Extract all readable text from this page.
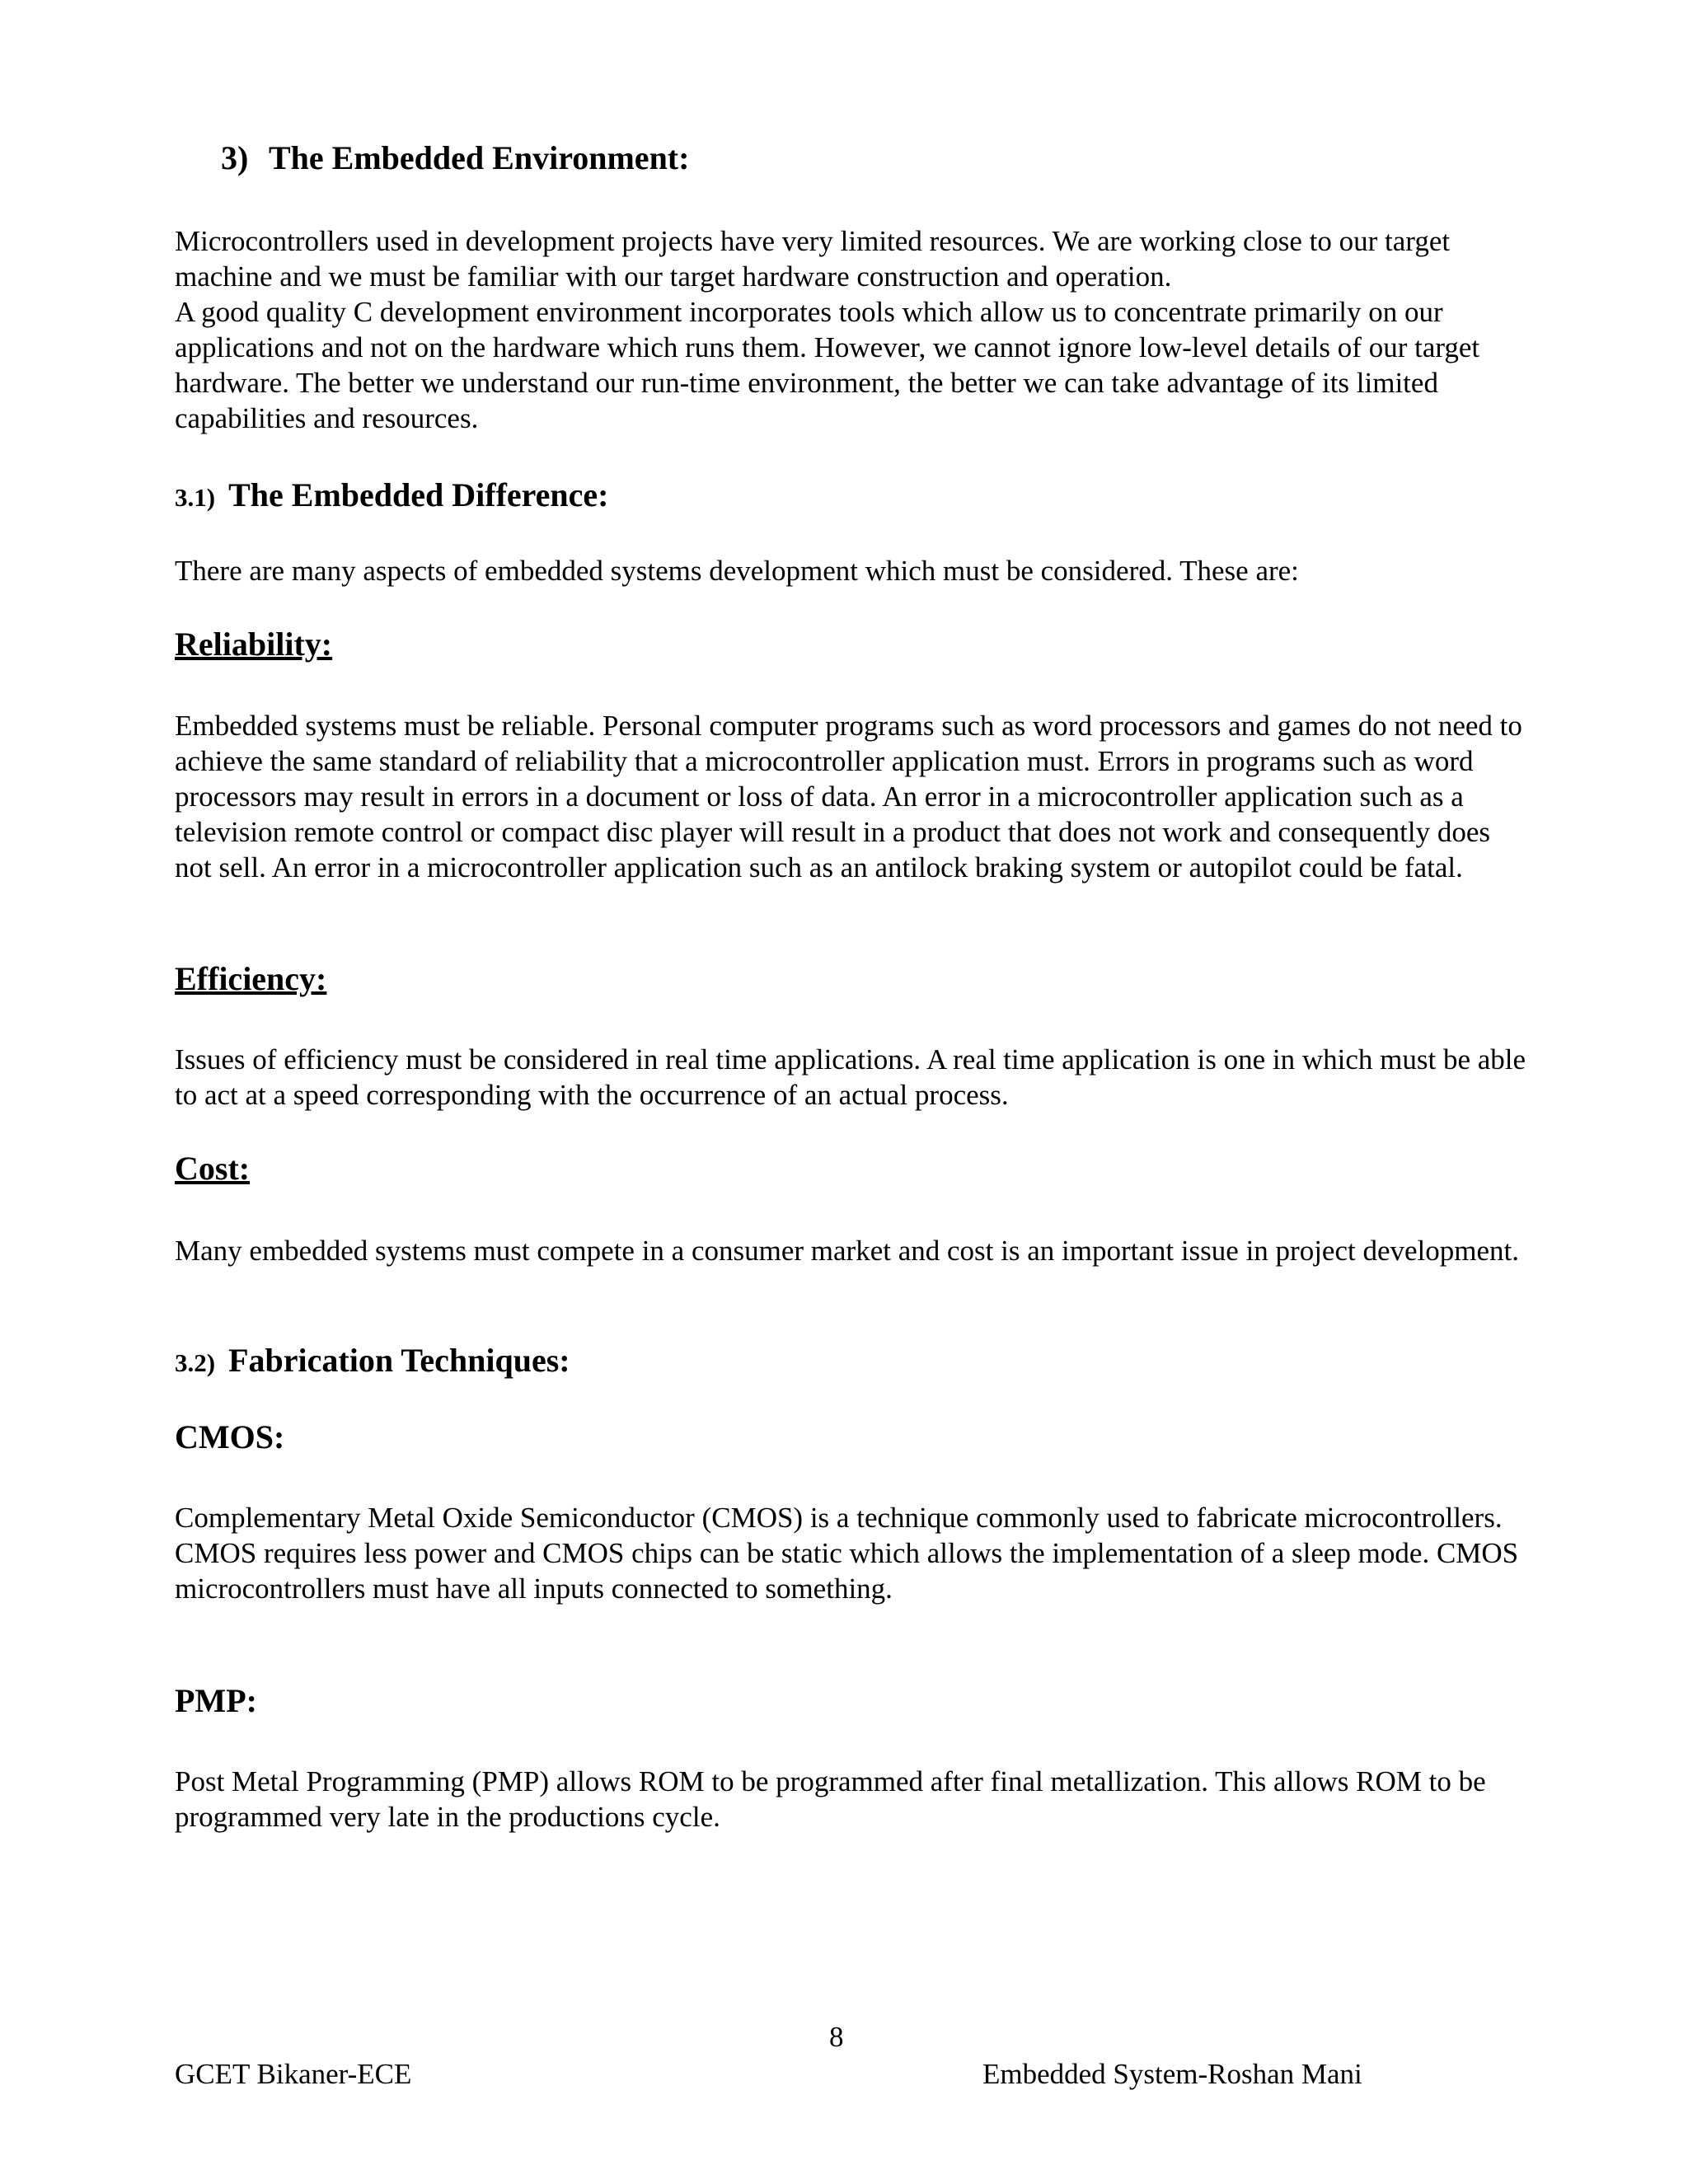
3) The Embedded Environment:

Microcontrollers used in development projects have very limited resources. We are working close to our target machine and we must be familiar with our target hardware construction and operation.

A good quality C development environment incorporates tools which allow us to concentrate primarily on our applications and not on the hardware which runs them. However, we cannot ignore low-level details of our target hardware. The better we understand our run-time environment, the better we can take advantage of its limited capabilities and resources.

3.1) The Embedded Difference:
There are many aspects of embedded systems development which must be considered. These are:
Reliability:
Embedded systems must be reliable. Personal computer programs such as word processors and games do not need to achieve the same standard of reliability that a microcontroller application must. Errors in programs such as word processors may result in errors in a document or loss of data. An error in a microcontroller application such as a television remote control or compact disc player will result in a product that does not work and consequently does not sell. An error in a microcontroller application such as an antilock braking system or autopilot could be fatal.
Efficiency:
Issues of efficiency must be considered in real time applications. A real time application is one in which must be able to act at a speed corresponding with the occurrence of an actual process.
Cost:
Many embedded systems must compete in a consumer market and cost is an important issue in project development.
3.2) Fabrication Techniques:
CMOS:
Complementary Metal Oxide Semiconductor (CMOS) is a technique commonly used to fabricate microcontrollers. CMOS requires less power and CMOS chips can be static which allows the implementation of a sleep mode. CMOS microcontrollers must have all inputs connected to something.
PMP:
Post Metal Programming (PMP) allows ROM to be programmed after final metallization. This allows ROM to be programmed very late in the productions cycle.
8
GCET Bikaner-ECE	Embedded System-Roshan Mani
